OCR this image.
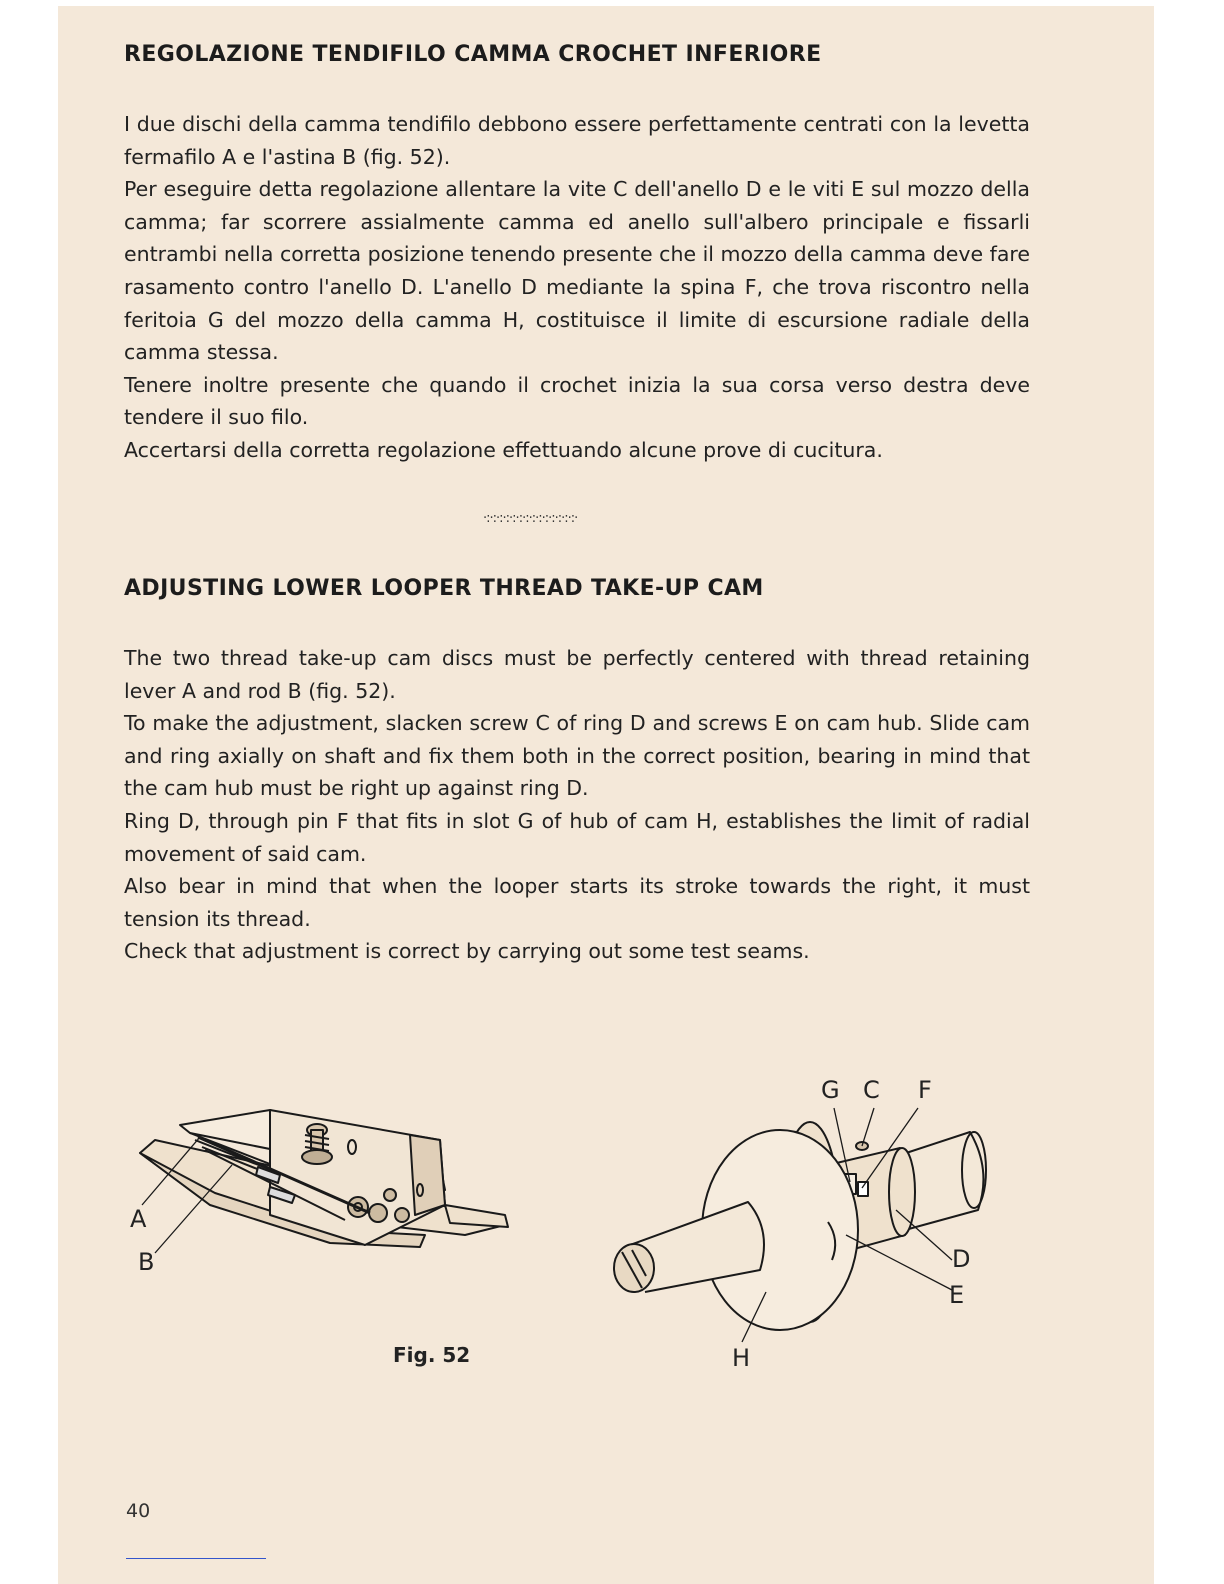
REGOLAZIONE TENDIFILO CAMMA CROCHET INFERIORE

I due dischi della camma tendifilo debbono essere perfettamente centrati con la levetta fermafilo A e l'astina B (fig. 52).

Per eseguire detta regolazione allentare la vite C dell'anello D e le viti E sul mozzo della camma; far scorrere assialmente camma ed anello sull'albero principale e fissarli entrambi nella corretta posizione tenendo presente che il mozzo della camma deve fare rasamento contro l'anello D. L'anello D mediante la spina F, che trova riscontro nella feritoia G del mozzo della camma H, costituisce il limite di escursione radiale della camma stessa.

Tenere inoltre presente che quando il crochet inizia la sua corsa verso destra deve tendere il suo filo.

Accertarsi della corretta regolazione effettuando alcune prove di cucitura.

·:·:·:·:·:·:·:·:·:·:·:·:·:·:·
ADJUSTING LOWER LOOPER THREAD TAKE-UP CAM

The two thread take-up cam discs must be perfectly centered with thread retaining lever A and rod B (fig. 52).

To make the adjustment, slacken screw C of ring D and screws E on cam hub. Slide cam and ring axially on shaft and fix them both in the correct position, bearing in mind that the cam hub must be right up against ring D.

Ring D, through pin F that fits in slot G of hub of cam H, establishes the limit of radial movement of said cam.

Also bear in mind that when the looper starts its stroke towards the right, it must tension its thread.

Check that adjustment is correct by carrying out some test seams.

A
B
Fig. 52
G C F
D
E
H
40
